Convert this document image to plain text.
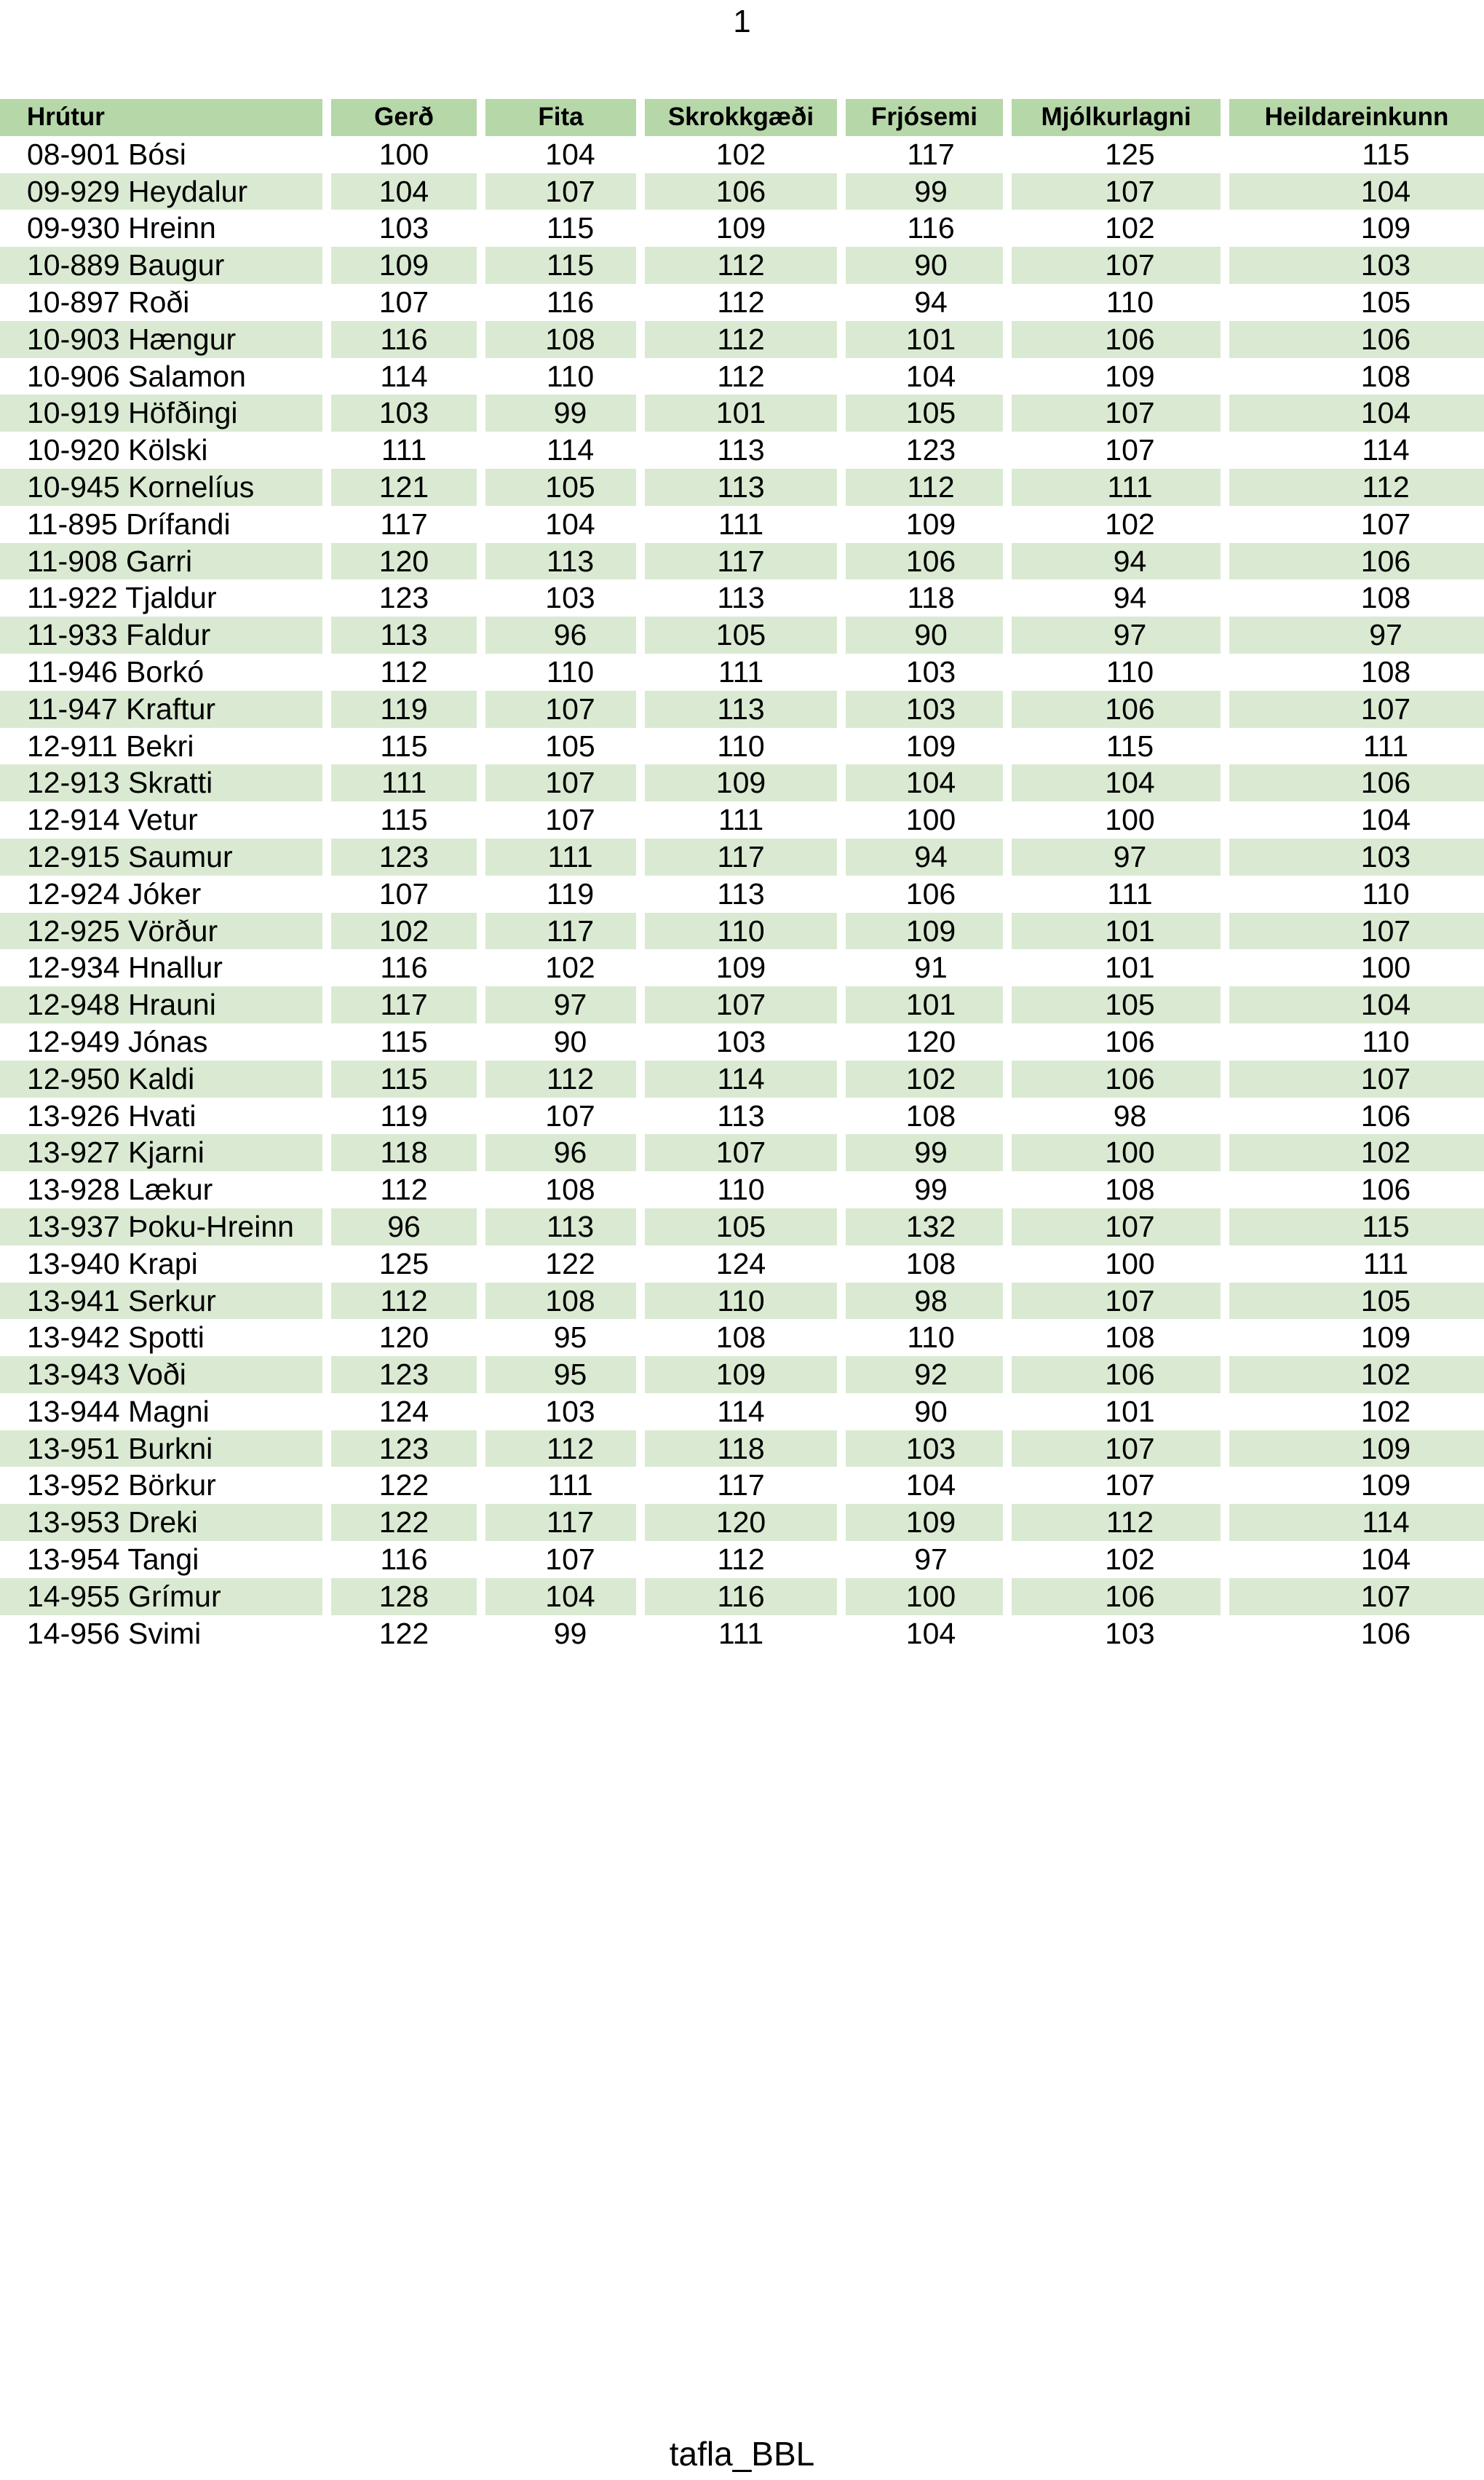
1
Hrútur	Gerð	Fita	Skrokkgæði	Frjósemi	Mjólkurlagni	Heildareinkunn
08-901 Bósi	100	104	102	117	125	115
09-929 Heydalur	104	107	106	99	107	104
09-930 Hreinn	103	115	109	116	102	109
10-889 Baugur	109	115	112	90	107	103
10-897 Roði	107	116	112	94	110	105
10-903 Hængur	116	108	112	101	106	106
10-906 Salamon	114	110	112	104	109	108
10-919 Höfðingi	103	99	101	105	107	104
10-920 Kölski	111	114	113	123	107	114
10-945 Kornelíus	121	105	113	112	111	112
11-895 Drífandi	117	104	111	109	102	107
11-908 Garri	120	113	117	106	94	106
11-922 Tjaldur	123	103	113	118	94	108
11-933 Faldur	113	96	105	90	97	97
11-946 Borkó	112	110	111	103	110	108
11-947 Kraftur	119	107	113	103	106	107
12-911 Bekri	115	105	110	109	115	111
12-913 Skratti	111	107	109	104	104	106
12-914 Vetur	115	107	111	100	100	104
12-915 Saumur	123	111	117	94	97	103
12-924 Jóker	107	119	113	106	111	110
12-925 Vörður	102	117	110	109	101	107
12-934 Hnallur	116	102	109	91	101	100
12-948 Hrauni	117	97	107	101	105	104
12-949 Jónas	115	90	103	120	106	110
12-950 Kaldi	115	112	114	102	106	107
13-926 Hvati	119	107	113	108	98	106
13-927 Kjarni	118	96	107	99	100	102
13-928 Lækur	112	108	110	99	108	106
13-937 Þoku-Hreinn	96	113	105	132	107	115
13-940 Krapi	125	122	124	108	100	111
13-941 Serkur	112	108	110	98	107	105
13-942 Spotti	120	95	108	110	108	109
13-943 Voði	123	95	109	92	106	102
13-944 Magni	124	103	114	90	101	102
13-951 Burkni	123	112	118	103	107	109
13-952 Börkur	122	111	117	104	107	109
13-953 Dreki	122	117	120	109	112	114
13-954 Tangi	116	107	112	97	102	104
14-955 Grímur	128	104	116	100	106	107
14-956 Svimi	122	99	111	104	103	106
tafla_BBL
